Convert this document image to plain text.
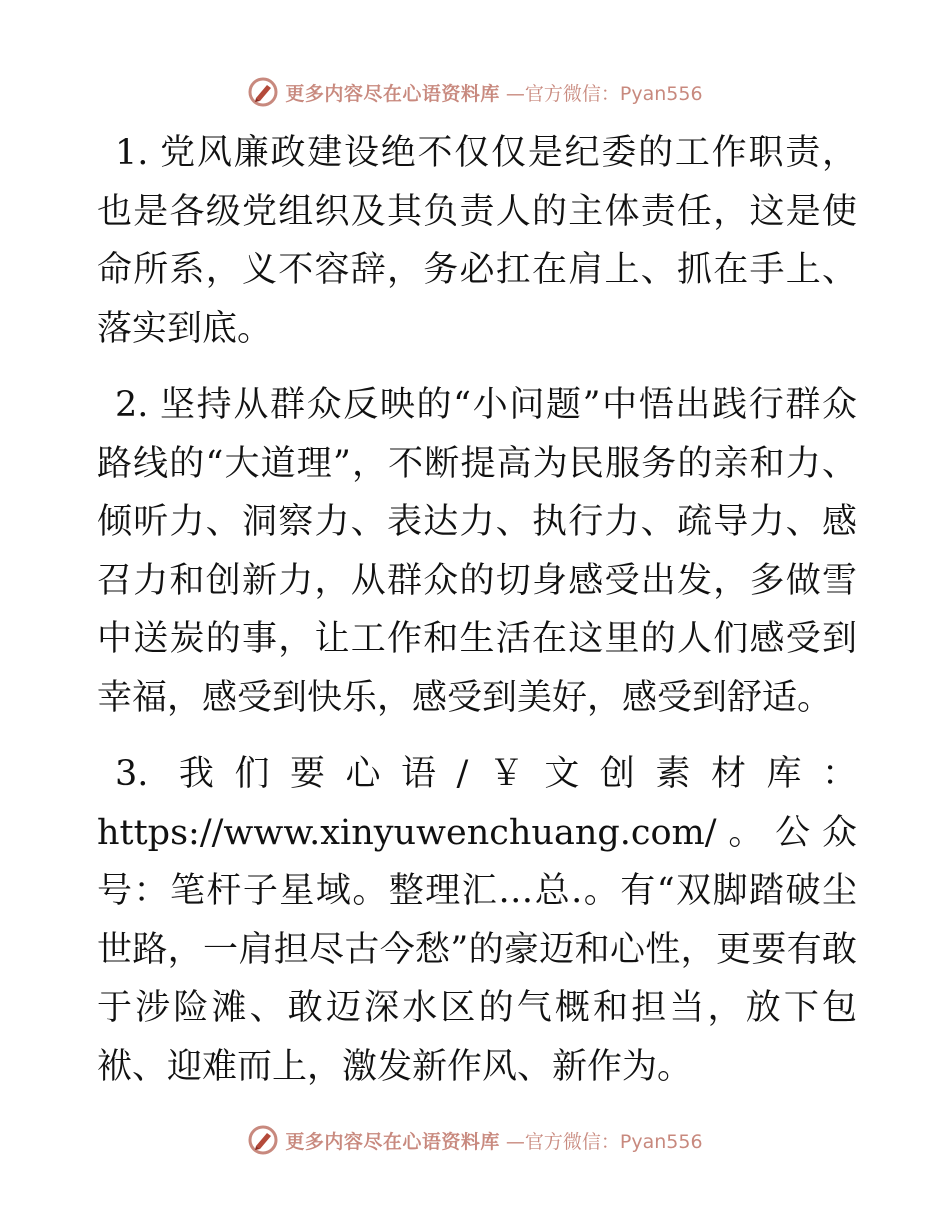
更多内容尽在心语资料库 —官方微信：Pyan556

1. 党风廉政建设绝不仅仅是纪委的工作职责，也是各级党组织及其负责人的主体责任，这是使命所系，义不容辞，务必扛在肩上、抓在手上、落实到底。

2. 坚持从群众反映的“小问题”中悟出践行群众路线的“大道理”，不断提高为民服务的亲和力、倾听力、洞察力、表达力、执行力、疏导力、感召力和创新力，从群众的切身感受出发，多做雪中送炭的事，让工作和生活在这里的人们感受到幸福，感受到快乐，感受到美好，感受到舒适。

3. 我们要心语/￥文创素材库：https://www.xinyuwenchuang.com/。公众号：笔杆子星域。整理汇…总.。有“双脚踏破尘世路，一肩担尽古今愁”的豪迈和心性，更要有敢于涉险滩、敢迈深水区的气概和担当，放下包袱、迎难而上，激发新作风、新作为。

更多内容尽在心语资料库 —官方微信：Pyan556
